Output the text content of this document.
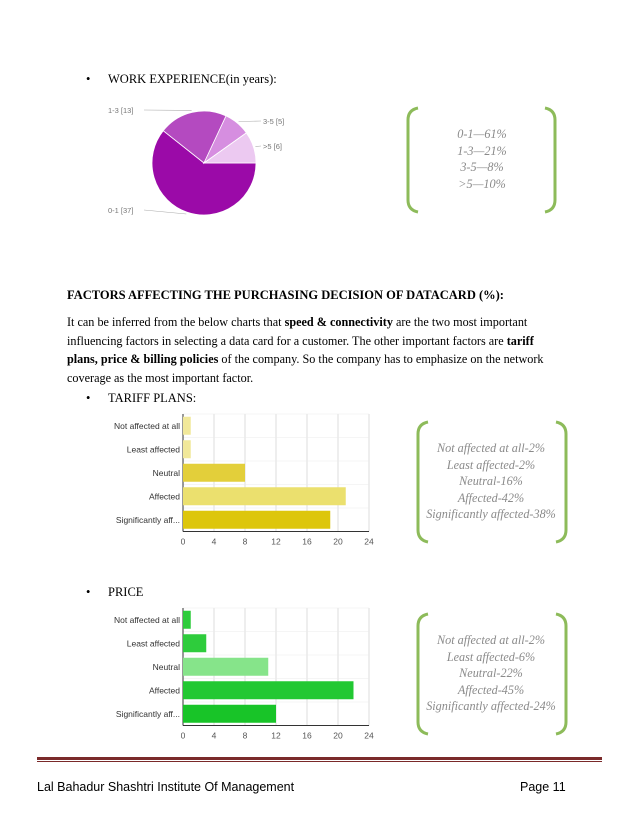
• WORK EXPERIENCE(in years):
0-1 [37]
1-3 [13]
3-5 [5]
>5 [6]
0-1—61%
1-3—21%
3-5—8%
>5—10%
FACTORS AFFECTING THE PURCHASING DECISION OF DATACARD (%):
It can be inferred from the below charts that speed & connectivity are the two most important influencing factors in selecting a data card for a customer. The other important factors are tariff plans, price & billing policies of the company. So the company has to emphasize on the network coverage as the most important factor.
• TARIFF PLANS:
0	4	8	12	16	20	24
Not affected at all
Least affected
Neutral
Affected
Significantly aff...
Not affected at all-2%
Least affected-2%
Neutral-16%
Affected-42%
Significantly affected-38%
• PRICE
0	4	8	12	16	20	24
Not affected at all
Least affected
Neutral
Affected
Significantly aff...
Not affected at all-2%
Least affected-6%
Neutral-22%
Affected-45%
Significantly affected-24%
Lal Bahadur Shashtri Institute Of Management	Page 11
